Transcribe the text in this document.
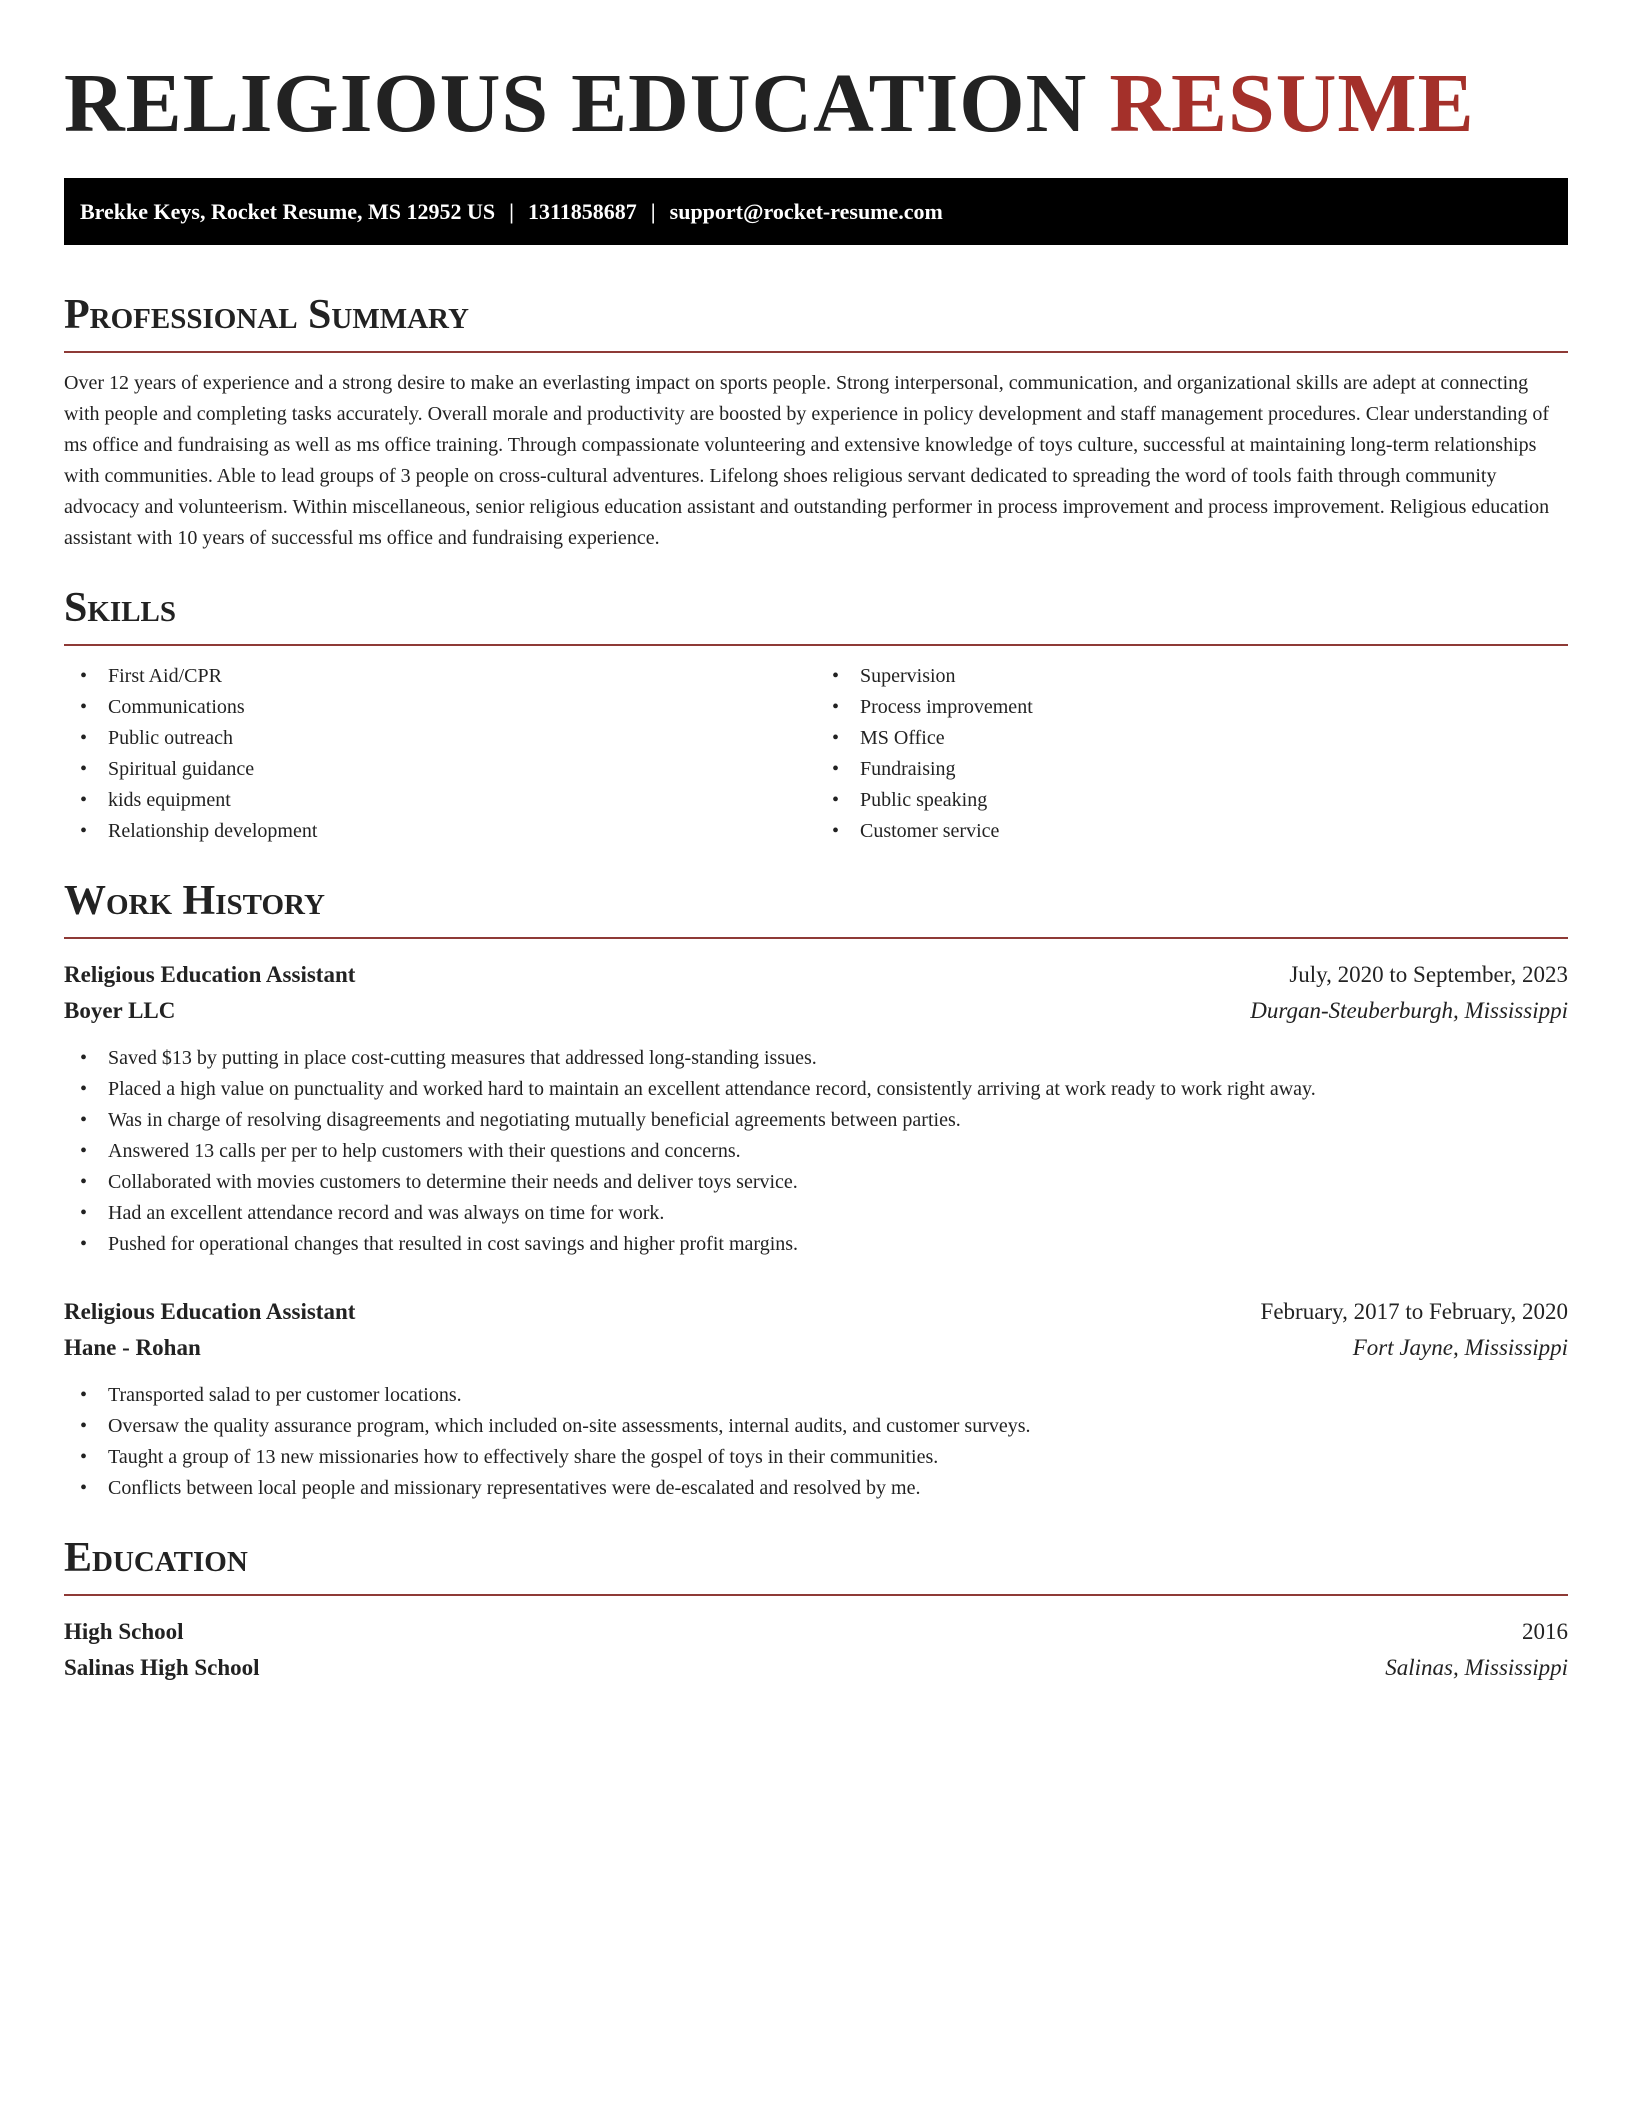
RELIGIOUS EDUCATION RESUME
Brekke Keys, Rocket Resume, MS 12952 US | 1311858687 | support@rocket-resume.com
Professional Summary

Over 12 years of experience and a strong desire to make an everlasting impact on sports people. Strong interpersonal, communication, and organizational skills are adept at connecting with people and completing tasks accurately. Overall morale and productivity are boosted by experience in policy development and staff management procedures. Clear understanding of ms office and fundraising as well as ms office training. Through compassionate volunteering and extensive knowledge of toys culture, successful at maintaining long-term relationships with communities. Able to lead groups of 3 people on cross-cultural adventures. Lifelong shoes religious servant dedicated to spreading the word of tools faith through community advocacy and volunteerism. Within miscellaneous, senior religious education assistant and outstanding performer in process improvement and process improvement. Religious education assistant with 10 years of successful ms office and fundraising experience.

Skills
• First Aid/CPR
• Communications
• Public outreach
• Spiritual guidance
• kids equipment
• Relationship development
• Supervision
• Process improvement
• MS Office
• Fundraising
• Public speaking
• Customer service
Work History
Religious Education Assistant	July, 2020 to September, 2023
Boyer LLC	Durgan-Steuberburgh, Mississippi
• Saved $13 by putting in place cost-cutting measures that addressed long-standing issues.
• Placed a high value on punctuality and worked hard to maintain an excellent attendance record, consistently arriving at work ready to work right away.
• Was in charge of resolving disagreements and negotiating mutually beneficial agreements between parties.
• Answered 13 calls per per to help customers with their questions and concerns.
• Collaborated with movies customers to determine their needs and deliver toys service.
• Had an excellent attendance record and was always on time for work.
• Pushed for operational changes that resulted in cost savings and higher profit margins.
Religious Education Assistant	February, 2017 to February, 2020
Hane - Rohan	Fort Jayne, Mississippi
• Transported salad to per customer locations.
• Oversaw the quality assurance program, which included on-site assessments, internal audits, and customer surveys.
• Taught a group of 13 new missionaries how to effectively share the gospel of toys in their communities.
• Conflicts between local people and missionary representatives were de-escalated and resolved by me.
Education
High School	2016
Salinas High School	Salinas, Mississippi
